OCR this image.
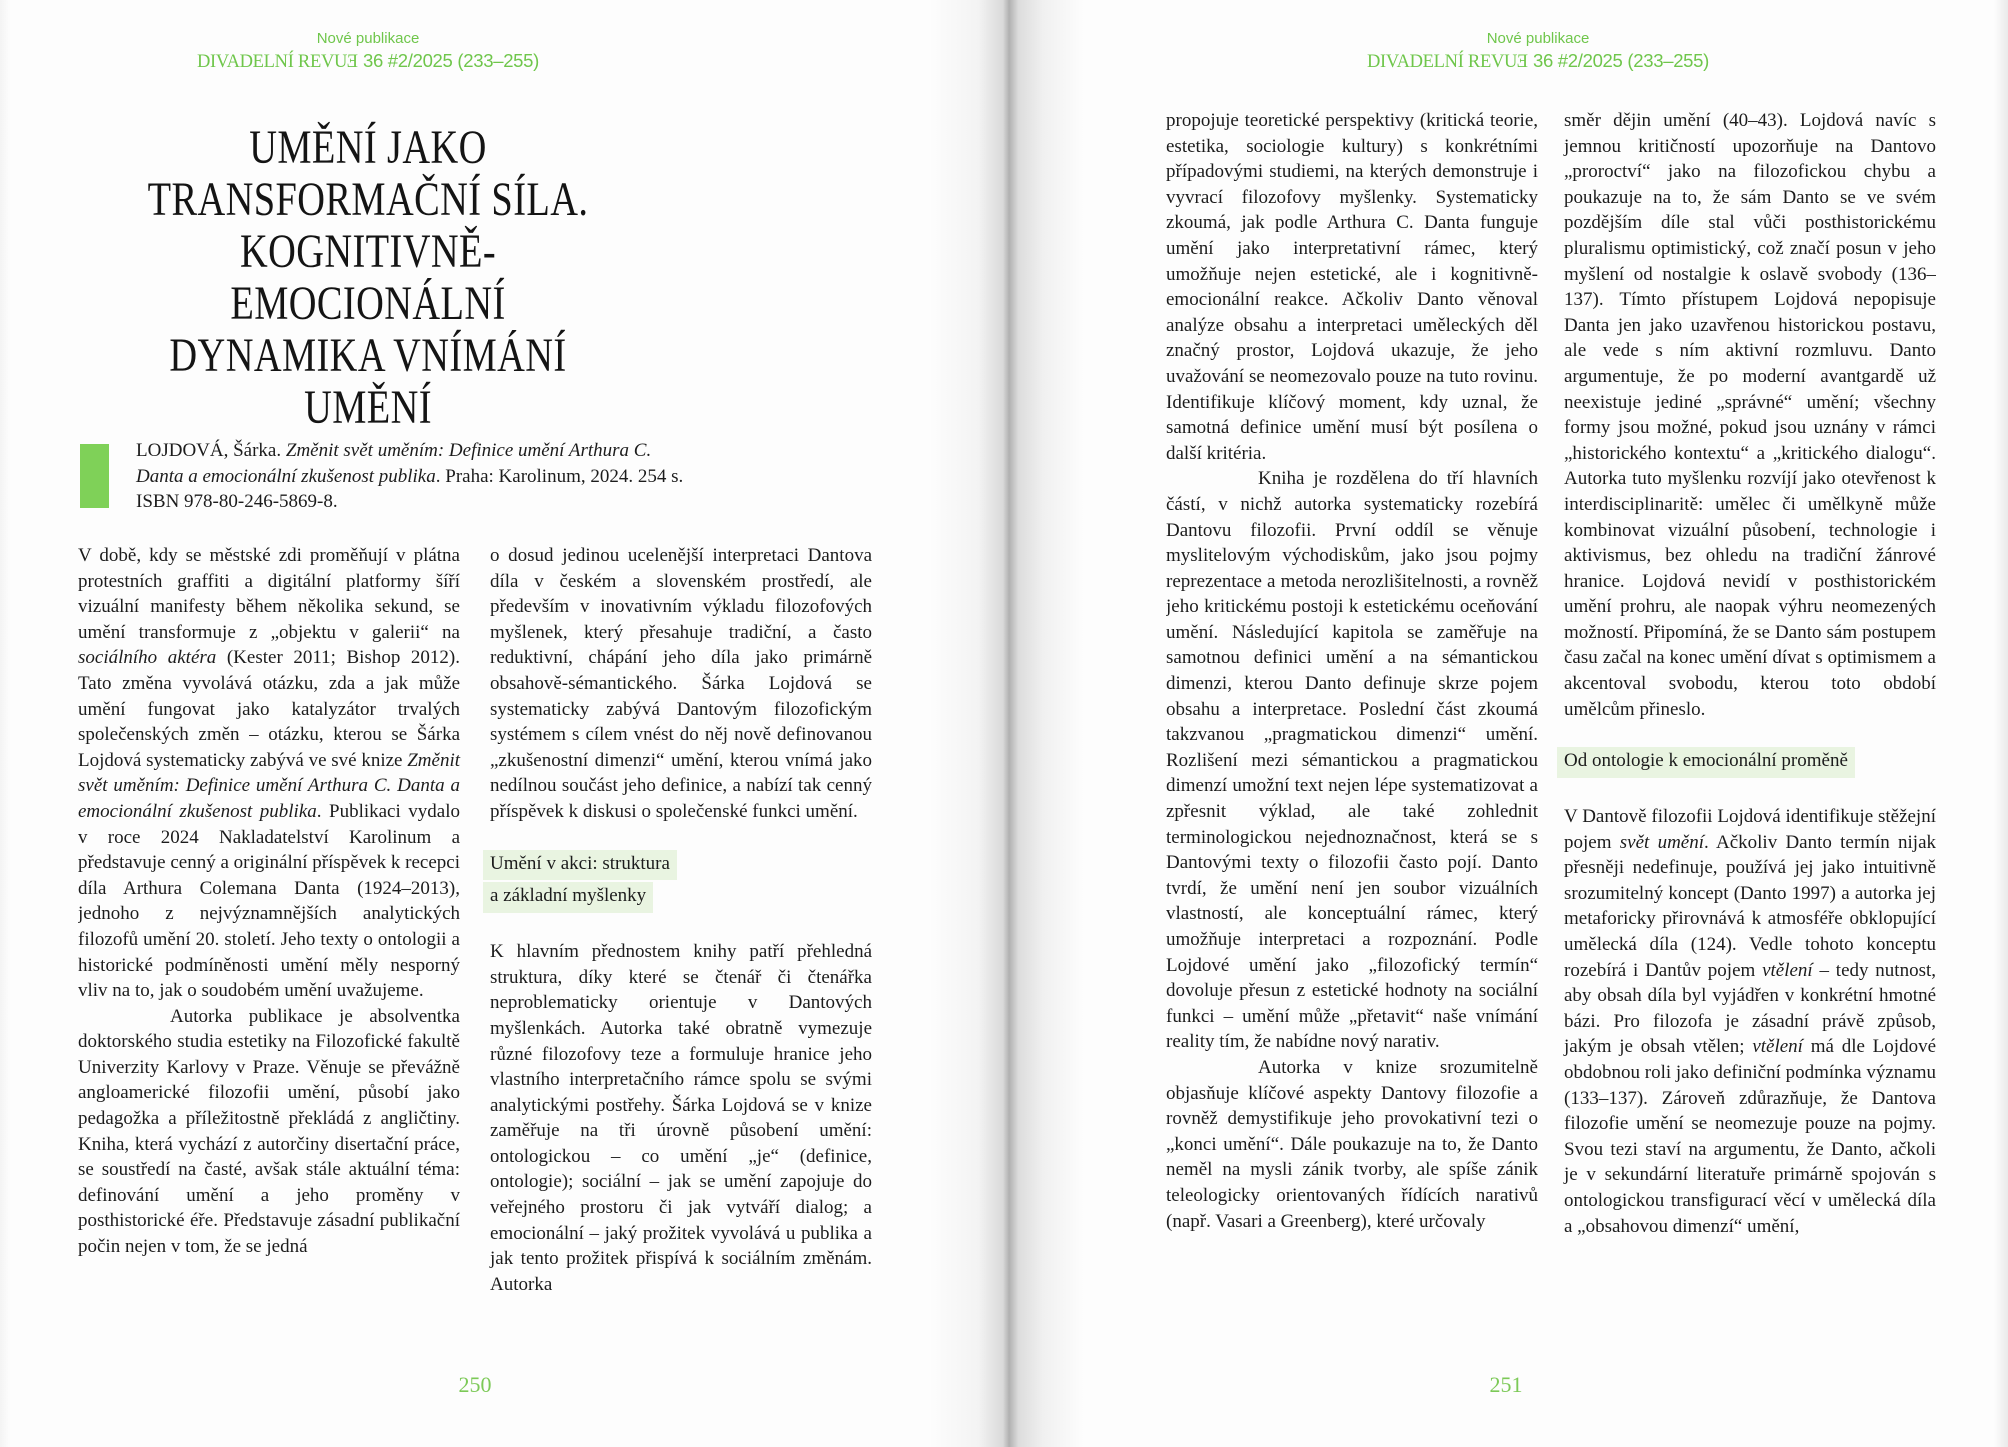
Nové publikace
DIVADELNÍ REVUE 36 #2/2025 (233–255)
UMĚNÍ JAKO
TRANSFORMAČNÍ SÍLA.
KOGNITIVNĚ-EMOCIONÁLNÍ
DYNAMIKA VNÍMÁNÍ
UMĚNÍ

LOJDOVÁ, Šárka. Změnit svět uměním: Definice umění Arthura C. Danta a emocionální zkušenost publika. Praha: Karolinum, 2024. 254 s. ISBN 978-80-246-5869-8.

V době, kdy se městské zdi proměňují v plátna protestních graffiti a digitální platformy šíří vizuální manifesty během několika sekund, se umění transformuje z „objektu v galerii“ na sociálního aktéra (Kester 2011; Bishop 2012). Tato změna vyvolává otázku, zda a jak může umění fungovat jako katalyzátor trvalých společenských změn – otázku, kterou se Šárka Lojdová systematicky zabývá ve své knize Změnit svět uměním: Definice umění Arthura C. Danta a emocionální zkušenost publika. Publikaci vydalo v roce 2024 Nakladatelství Karolinum a představuje cenný a originální příspěvek k recepci díla Arthura Colemana Danta (1924–2013), jednoho z nejvýznamnějších analytických filozofů umění 20. století. Jeho texty o ontologii a historické podmíněnosti umění měly nesporný vliv na to, jak o soudobém umění uvažujeme.

Autorka publikace je absolventka doktorského studia estetiky na Filozofické fakultě Univerzity Karlovy v Praze. Věnuje se převážně angloamerické filozofii umění, působí jako pedagožka a příležitostně překládá z angličtiny. Kniha, která vychází z autorčiny disertační práce, se soustředí na časté, avšak stále aktuální téma: definování umění a jeho proměny v posthistorické éře. Představuje zásadní publikační počin nejen v tom, že se jedná

o dosud jedinou ucelenější interpretaci Dantova díla v českém a slovenském prostředí, ale především v inovativním výkladu filozofových myšlenek, který přesahuje tradiční, a často reduktivní, chápání jeho díla jako primárně obsahově-sémantického. Šárka Lojdová se systematicky zabývá Dantovým filozofickým systémem s cílem vnést do něj nově definovanou „zkušenostní dimenzi“ umění, kterou vnímá jako nedílnou součást jeho definice, a nabízí tak cenný příspěvek k diskusi o společenské funkci umění.

Umění v akci: struktura
a základní myšlenky

K hlavním přednostem knihy patří přehledná struktura, díky které se čtenář či čtenářka neproblematicky orientuje v Dantových myšlenkách. Autorka také obratně vymezuje různé filozofovy teze a formuluje hranice jeho vlastního interpretačního rámce spolu se svými analytickými postřehy. Šárka Lojdová se v knize zaměřuje na tři úrovně působení umění: ontologickou – co umění „je“ (definice, ontologie); sociální – jak se umění zapojuje do veřejného prostoru či jak vytváří dialog; a emocionální – jaký prožitek vyvolává u publika a jak tento prožitek přispívá k sociálním změnám. Autorka

250
Nové publikace
DIVADELNÍ REVUE 36 #2/2025 (233–255)

propojuje teoretické perspektivy (kritická teorie, estetika, sociologie kultury) s konkrétními případovými studiemi, na kterých demonstruje i vyvrací filozofovy myšlenky. Systematicky zkoumá, jak podle Arthura C. Danta funguje umění jako interpretativní rámec, který umožňuje nejen estetické, ale i kognitivně-emocionální reakce. Ačkoliv Danto věnoval analýze obsahu a interpretaci uměleckých děl značný prostor, Lojdová ukazuje, že jeho uvažování se neomezovalo pouze na tuto rovinu. Identifikuje klíčový moment, kdy uznal, že samotná definice umění musí být posílena o další kritéria.

Kniha je rozdělena do tří hlavních částí, v nichž autorka systematicky rozebírá Dantovu filozofii. První oddíl se věnuje myslitelovým východiskům, jako jsou pojmy reprezentace a metoda nerozlišitelnosti, a rovněž jeho kritickému postoji k estetickému oceňování umění. Následující kapitola se zaměřuje na samotnou definici umění a na sémantickou dimenzi, kterou Danto definuje skrze pojem obsahu a interpretace. Poslední část zkoumá takzvanou „pragmatickou dimenzi“ umění. Rozlišení mezi sémantickou a pragmatickou dimenzí umožní text nejen lépe systematizovat a zpřesnit výklad, ale také zohlednit terminologickou nejednoznačnost, která se s Dantovými texty o filozofii často pojí. Danto tvrdí, že umění není jen soubor vizuálních vlastností, ale konceptuální rámec, který umožňuje interpretaci a rozpoznání. Podle Lojdové umění jako „filozofický termín“ dovoluje přesun z estetické hodnoty na sociální funkci – umění může „přetavit“ naše vnímání reality tím, že nabídne nový narativ.

Autorka v knize srozumitelně objasňuje klíčové aspekty Dantovy filozofie a rovněž demystifikuje jeho provokativní tezi o „konci umění“. Dále poukazuje na to, že Danto neměl na mysli zánik tvorby, ale spíše zánik teleologicky orientovaných řídících narativů (např. Vasari a Greenberg), které určovaly

směr dějin umění (40–43). Lojdová navíc s jemnou kritičností upozorňuje na Dantovo „proroctví“ jako na filozofickou chybu a poukazuje na to, že sám Danto se ve svém pozdějším díle stal vůči posthistorickému pluralismu optimistický, což značí posun v jeho myšlení od nostalgie k oslavě svobody (136–137). Tímto přístupem Lojdová nepopisuje Danta jen jako uzavřenou historickou postavu, ale vede s ním aktivní rozmluvu. Danto argumentuje, že po moderní avantgardě už neexistuje jediné „správné“ umění; všechny formy jsou možné, pokud jsou uznány v rámci „historického kontextu“ a „kritického dialogu“. Autorka tuto myšlenku rozvíjí jako otevřenost k interdisciplinaritě: umělec či umělkyně může kombinovat vizuální působení, technologie i aktivismus, bez ohledu na tradiční žánrové hranice. Lojdová nevidí v posthistorickém umění prohru, ale naopak výhru neomezených možností. Připomíná, že se Danto sám postupem času začal na konec umění dívat s optimismem a akcentoval svobodu, kterou toto období umělcům přineslo.

Od ontologie k emocionální proměně

V Dantově filozofii Lojdová identifikuje stěžejní pojem svět umění. Ačkoliv Danto termín nijak přesněji nedefinuje, používá jej jako intuitivně srozumitelný koncept (Danto 1997) a autorka jej metaforicky přirovnává k atmosféře obklopující umělecká díla (124). Vedle tohoto konceptu rozebírá i Dantův pojem vtělení – tedy nutnost, aby obsah díla byl vyjádřen v konkrétní hmotné bázi. Pro filozofa je zásadní právě způsob, jakým je obsah vtělen; vtělení má dle Lojdové obdobnou roli jako definiční podmínka významu (133–137). Zároveň zdůrazňuje, že Dantova filozofie umění se neomezuje pouze na pojmy. Svou tezi staví na argumentu, že Danto, ačkoli je v sekundární literatuře primárně spojován s ontologickou transfigurací věcí v umělecká díla a „obsahovou dimenzí“ umění,

251
